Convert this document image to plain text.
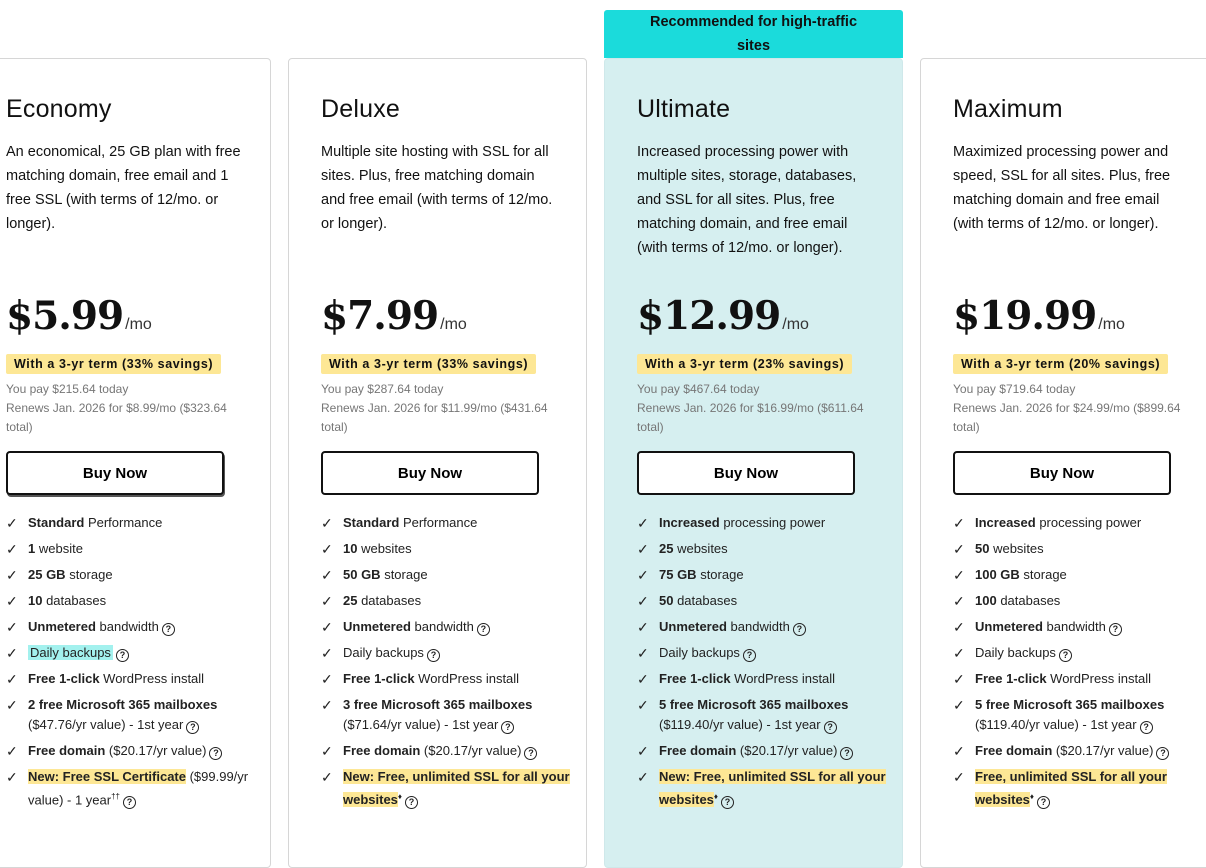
Recommended for high-traffic sites
Economy
An economical, 25 GB plan with free matching domain, free email and 1 free SSL (with terms of 12/mo. or longer).
$5.99 /mo
With a 3-yr term (33% savings)
You pay $215.64 today
Renews Jan. 2026 for $8.99/mo ($323.64 total)
Buy Now
✓ Standard Performance
✓ 1 website
✓ 25 GB storage
✓ 10 databases
✓ Unmetered bandwidth ?
✓ Daily backups ?
✓ Free 1-click WordPress install
✓ 2 free Microsoft 365 mailboxes ($47.76/yr value) - 1st year ?
✓ Free domain ($20.17/yr value) ?
✓ New: Free SSL Certificate ($99.99/yr value) - 1 year††?
Deluxe
Multiple site hosting with SSL for all sites. Plus, free matching domain and free email (with terms of 12/mo. or longer).
$7.99 /mo
With a 3-yr term (33% savings)
You pay $287.64 today
Renews Jan. 2026 for $11.99/mo ($431.64 total)
Buy Now
✓ Standard Performance
✓ 10 websites
✓ 50 GB storage
✓ 25 databases
✓ Unmetered bandwidth ?
✓ Daily backups ?
✓ Free 1-click WordPress install
✓ 3 free Microsoft 365 mailboxes ($71.64/yr value) - 1st year ?
✓ Free domain ($20.17/yr value) ?
✓ New: Free, unlimited SSL for all your websites♦?
Ultimate
Increased processing power with multiple sites, storage, databases, and SSL for all sites. Plus, free matching domain, and free email (with terms of 12/mo. or longer).
$12.99 /mo
With a 3-yr term (23% savings)
You pay $467.64 today
Renews Jan. 2026 for $16.99/mo ($611.64 total)
Buy Now
✓ Increased processing power
✓ 25 websites
✓ 75 GB storage
✓ 50 databases
✓ Unmetered bandwidth ?
✓ Daily backups ?
✓ Free 1-click WordPress install
✓ 5 free Microsoft 365 mailboxes ($119.40/yr value) - 1st year ?
✓ Free domain ($20.17/yr value) ?
✓ New: Free, unlimited SSL for all your websites♦?
Maximum
Maximized processing power and speed, SSL for all sites. Plus, free matching domain and free email (with terms of 12/mo. or longer).
$19.99 /mo
With a 3-yr term (20% savings)
You pay $719.64 today
Renews Jan. 2026 for $24.99/mo ($899.64 total)
Buy Now
✓ Increased processing power
✓ 50 websites
✓ 100 GB storage
✓ 100 databases
✓ Unmetered bandwidth ?
✓ Daily backups ?
✓ Free 1-click WordPress install
✓ 5 free Microsoft 365 mailboxes ($119.40/yr value) - 1st year ?
✓ Free domain ($20.17/yr value) ?
✓ Free, unlimited SSL for all your websites♦?
